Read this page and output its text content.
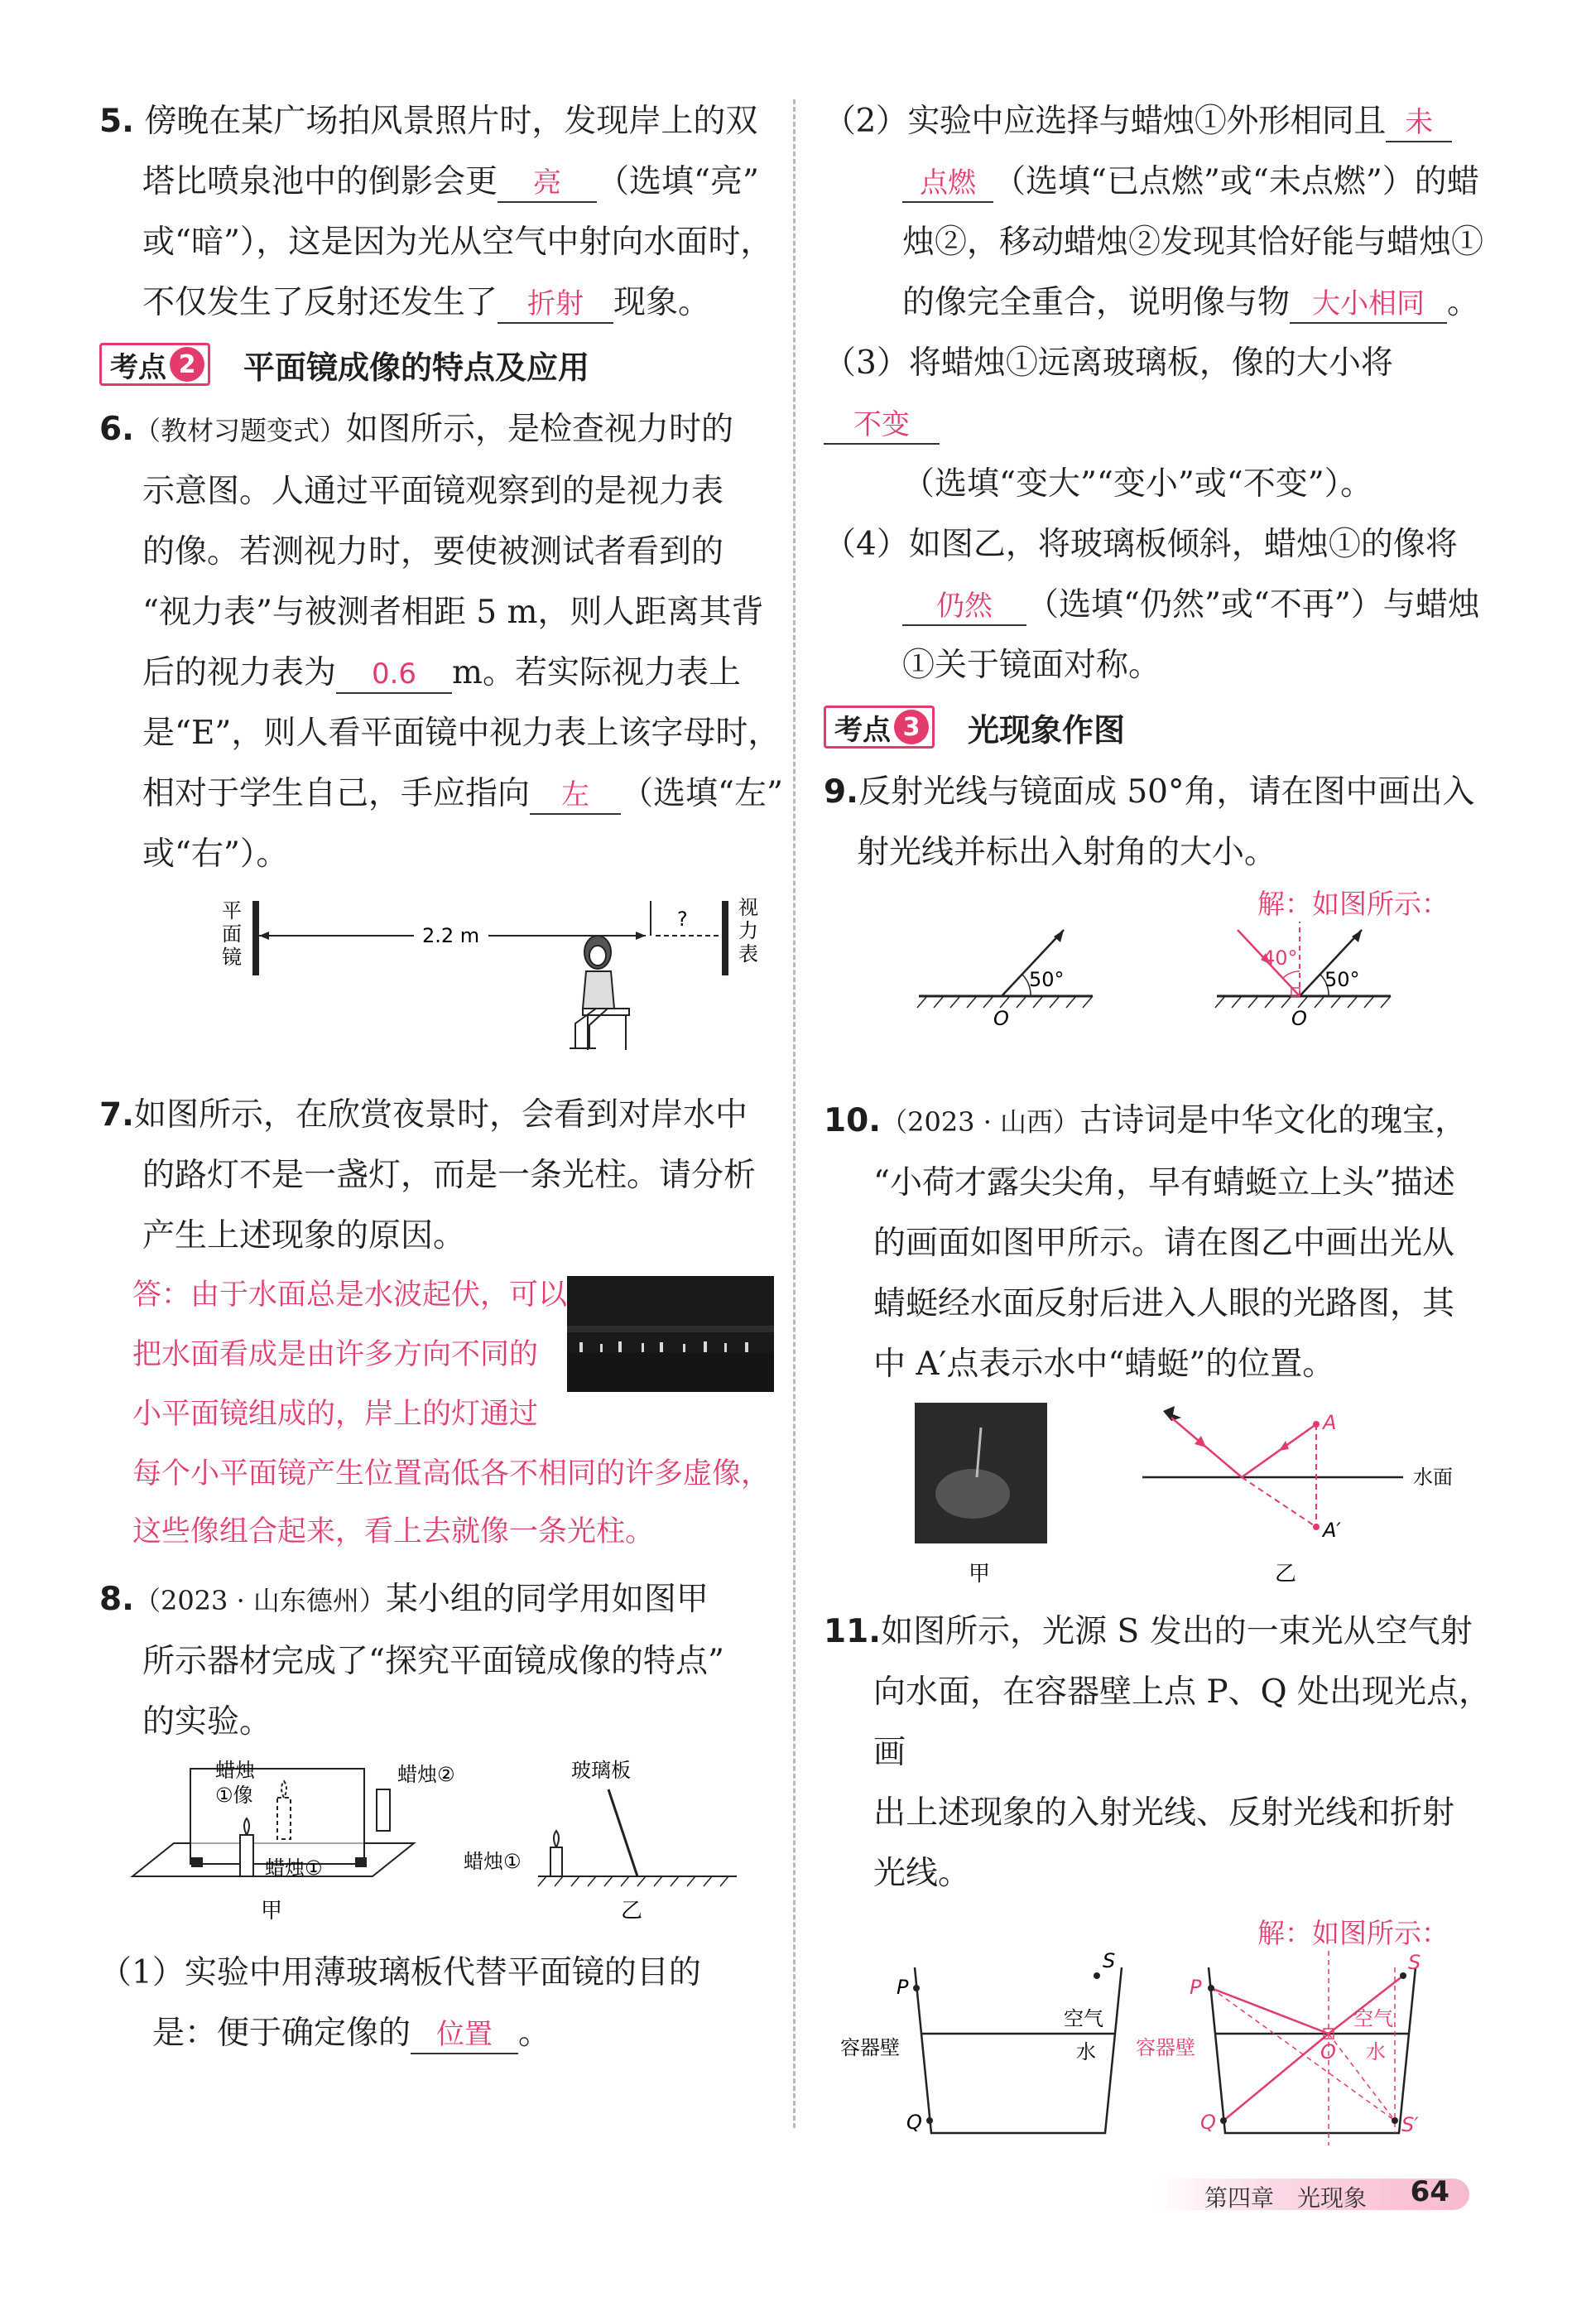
5. 傍晚在某广场拍风景照片时，发现岸上的双
塔比喷泉池中的倒影会更 亮 （选填“亮”
或“暗”），这是因为光从空气中射向水面时，
不仅发生了反射还发生了 折射 现象。
考点 2 平面镜成像的特点及应用
6.（教材习题变式）如图所示，是检查视力时的
示意图。人通过平面镜观察到的是视力表
的像。若测视力时，要使被测试者看到的
“视力表”与被测者相距 5 m，则人距离其背
后的视力表为 0.6 m。若实际视力表上
是“E”，则人看平面镜中视力表上该字母时，
相对于学生自己，手应指向 左 （选填“左”
或“右”）。
平
面
镜
2.2 m
?	视
力
表
7.如图所示，在欣赏夜景时，会看到对岸水中
的路灯不是一盏灯，而是一条光柱。请分析
产生上述现象的原因。
答：由于水面总是水波起伏，可以
把水面看成是由许多方向不同的
小平面镜组成的，岸上的灯通过
每个小平面镜产生位置高低各不相同的许多虚像，
这些像组合起来，看上去就像一条光柱。
8.（2023 · 山东德州）某小组的同学用如图甲
所示器材完成了“探究平面镜成像的特点”
的实验。
蜡烛
①像
蜡烛②
蜡烛①
甲
玻璃板
蜡烛①
乙
（1）实验中用薄玻璃板代替平面镜的目的
是：便于确定像的 位置 。
（2）实验中应选择与蜡烛①外形相同且 未
点燃 （选填“已点燃”或“未点燃”）的蜡
烛②，移动蜡烛②发现其恰好能与蜡烛①
的像完全重合，说明像与物 大小相同 。
（3）将蜡烛①远离玻璃板，像的大小将不变
（选填“变大”“变小”或“不变”）。
（4）如图乙，将玻璃板倾斜，蜡烛①的像将
仍然 （选填“仍然”或“不再”）与蜡烛
①关于镜面对称。
考点 3 光现象作图
9.反射光线与镜面成 50°角，请在图中画出入
射光线并标出入射角的大小。
解：如图所示：
50°
O
40°
50°
O
10.（2023 · 山西）古诗词是中华文化的瑰宝，
“小荷才露尖尖角，早有蜻蜓立上头”描述
的画面如图甲所示。请在图乙中画出光从
蜻蜓经水面反射后进入人眼的光路图，其
中 A′点表示水中“蜻蜓”的位置。
甲
水面
A
A′
乙
11.如图所示，光源 S 发出的一束光从空气射
向水面，在容器壁上点 P、Q 处出现光点，画
出上述现象的入射光线、反射光线和折射
光线。
解：如图所示：
P
Q
S
容器壁
空气
水
P
Q
S
S′
O
容器壁
空气
水
第四章　光现象 64
